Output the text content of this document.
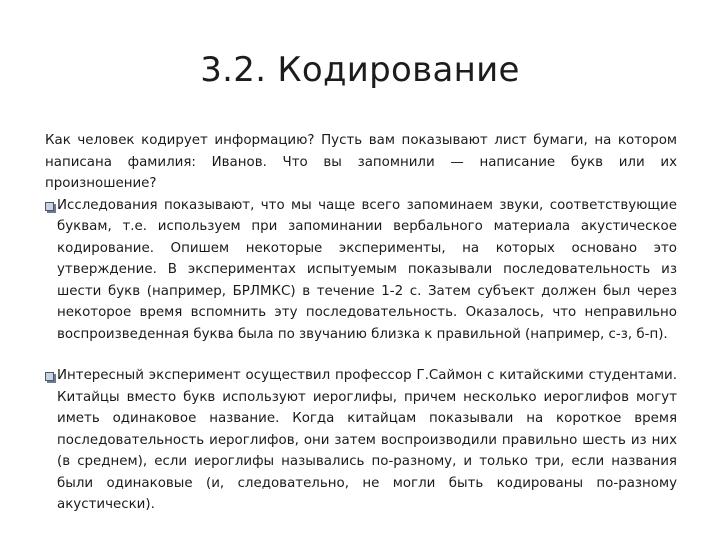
3.2. Кодирование

Как человек кодирует информацию? Пусть вам показывают лист бумаги, на котором написана фамилия: Иванов. Что вы запомнили — написание букв или их произношение?

Исследования показывают, что мы чаще всего запоминаем звуки, соответствующие буквам, т.е. используем при запоминании вербального материала акустическое кодирование. Опишем некоторые эксперименты, на которых основано это утверждение. В экспериментах испытуемым показывали последовательность из шести букв (например, БРЛМКС) в течение 1-2 с. Затем субъект должен был через некоторое время вспомнить эту последовательность. Оказалось, что неправильно воспроизведенная буква была по звучанию близка к правильной (например, с-з, б-п).
Интересный эксперимент осуществил профессор Г.Саймон с китайскими студентами. Китайцы вместо букв используют иероглифы, причем несколько иероглифов могут иметь одинаковое название. Когда китайцам показывали на короткое время последовательность иероглифов, они затем воспроизводили правильно шесть из них (в среднем), если иероглифы назывались по-разному, и только три, если названия были одинаковые (и, следовательно, не могли быть кодированы по-разному акустически).
